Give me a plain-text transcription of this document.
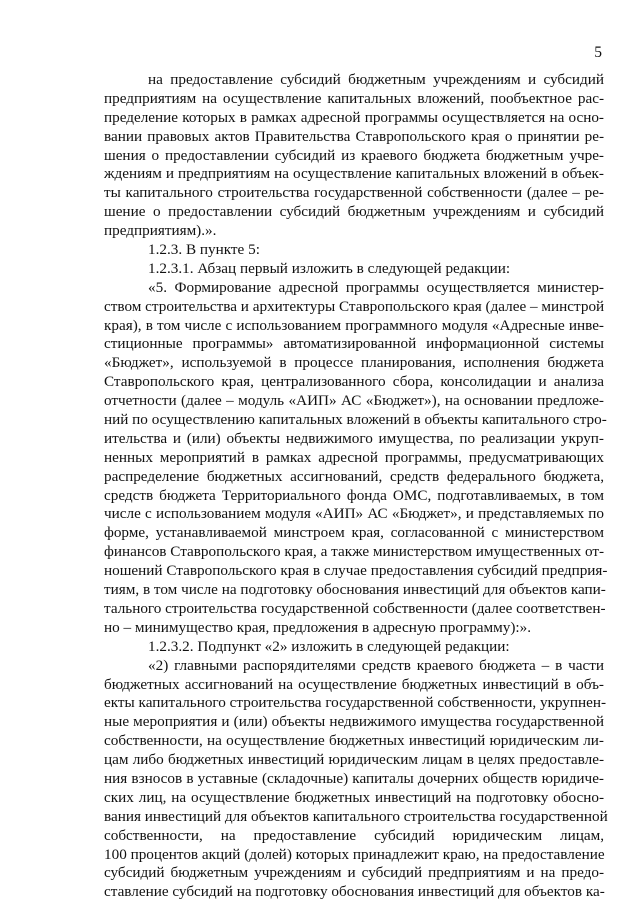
5
на предоставление субсидий бюджетным учреждениям и субсидий
предприятиям на осуществление капитальных вложений, пообъектное рас-
пределение которых в рамках адресной программы осуществляется на осно-
вании правовых актов Правительства Ставропольского края о принятии ре-
шения о предоставлении субсидий из краевого бюджета бюджетным учре-
ждениям и предприятиям на осуществление капитальных вложений в объек-
ты капитального строительства государственной собственности (далее – ре-
шение о предоставлении субсидий бюджетным учреждениям и субсидий
предприятиям).».
1.2.3. В пункте 5:
1.2.3.1. Абзац первый изложить в следующей редакции:
«5. Формирование адресной программы осуществляется министер-
ством строительства и архитектуры Ставропольского края (далее – минстрой
края), в том числе с использованием программного модуля «Адресные инве-
стиционные программы» автоматизированной информационной системы
«Бюджет», используемой в процессе планирования, исполнения бюджета
Ставропольского края, централизованного сбора, консолидации и анализа
отчетности (далее – модуль «АИП» АС «Бюджет»), на основании предложе-
ний по осуществлению капитальных вложений в объекты капитального стро-
ительства и (или) объекты недвижимого имущества, по реализации укруп-
ненных мероприятий в рамках адресной программы, предусматривающих
распределение бюджетных ассигнований, средств федерального бюджета,
средств бюджета Территориального фонда ОМС, подготавливаемых, в том
числе с использованием модуля «АИП» АС «Бюджет», и представляемых по
форме, устанавливаемой минстроем края, согласованной с министерством
финансов Ставропольского края, а также министерством имущественных от-
ношений Ставропольского края в случае предоставления субсидий предприя-
тиям, в том числе на подготовку обоснования инвестиций для объектов капи-
тального строительства государственной собственности (далее соответствен-
но – минимущество края, предложения в адресную программу):».
1.2.3.2. Подпункт «2» изложить в следующей редакции:
«2) главными распорядителями средств краевого бюджета – в части
бюджетных ассигнований на осуществление бюджетных инвестиций в объ-
екты капитального строительства государственной собственности, укрупнен-
ные мероприятия и (или) объекты недвижимого имущества государственной
собственности, на осуществление бюджетных инвестиций юридическим ли-
цам либо бюджетных инвестиций юридическим лицам в целях предоставле-
ния взносов в уставные (складочные) капиталы дочерних обществ юридиче-
ских лиц, на осуществление бюджетных инвестиций на подготовку обосно-
вания инвестиций для объектов капитального строительства государственной
собственности, на предоставление субсидий юридическим лицам,
100 процентов акций (долей) которых принадлежит краю, на предоставление
субсидий бюджетным учреждениям и субсидий предприятиям и на предо-
ставление субсидий на подготовку обоснования инвестиций для объектов ка-
